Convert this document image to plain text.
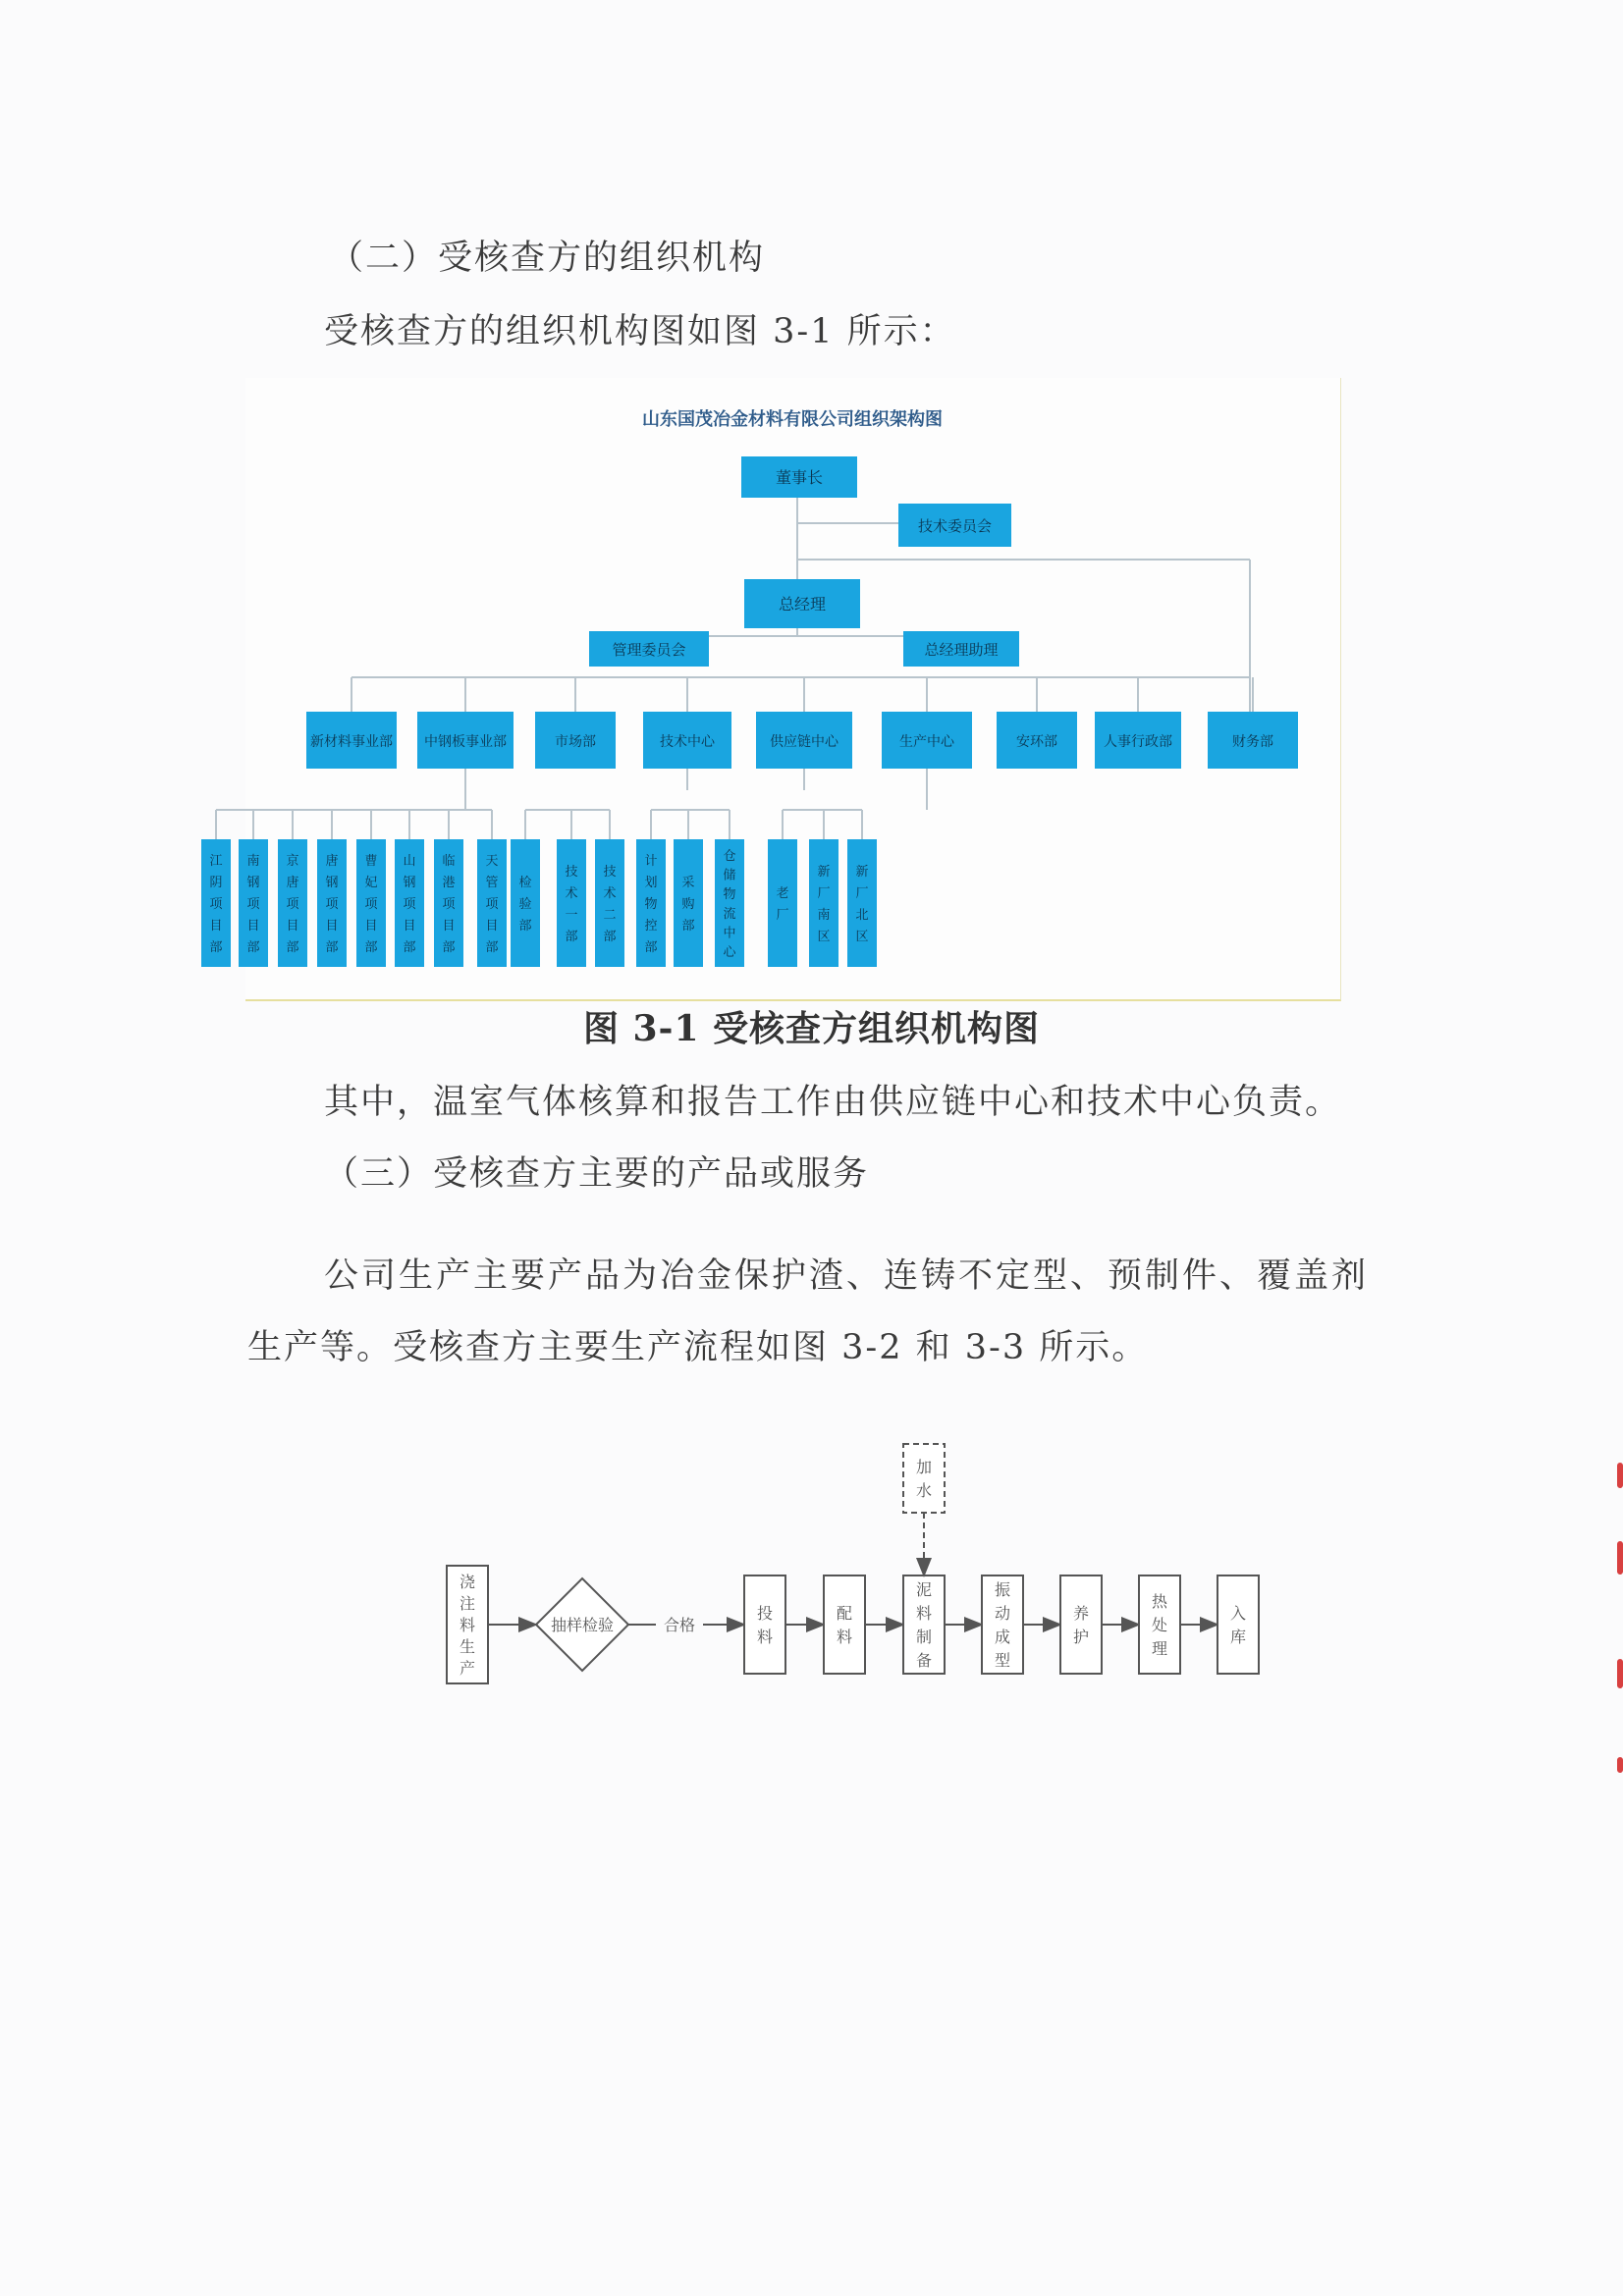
（二）受核查方的组织机构

受核查方的组织机构图如图 3-1 所示：

山东国茂冶金材料有限公司组织架构图
董事长
技术委员会
总经理
管理委员会	总经理助理
新材料事业部 中钢板事业部	市场部	技术中心	供应链中心	生产中心	安环部	人事行政部	财务部
江
阴
项
目
部
南
钢
项
目
部
京
唐
项
目
部
唐
钢
项
目
部
曹
妃
项
目
部
山
钢
项
目
部
临
港
项
目
部
天
管
项
目
部
检
验
部
技
术
一
部
技
术
二
部
计
划
物
控
部
采
购
部
仓
储
物
流
中
心
老
厂
新
厂
南
区
新
厂
北
区

图 3-1 受核查方组织机构图

其中，温室气体核算和报告工作由供应链中心和技术中心负责。

（三）受核查方主要的产品或服务

公司生产主要产品为冶金保护渣、连铸不定型、预制件、覆盖剂

生产等。受核查方主要生产流程如图 3-2 和 3-3 所示。

浇
注
料
生
产
抽样检验	合格
投
料
配
料
泥
料
制
备
振
动
成
型
养
护
热
处
理
入
库
加
水
